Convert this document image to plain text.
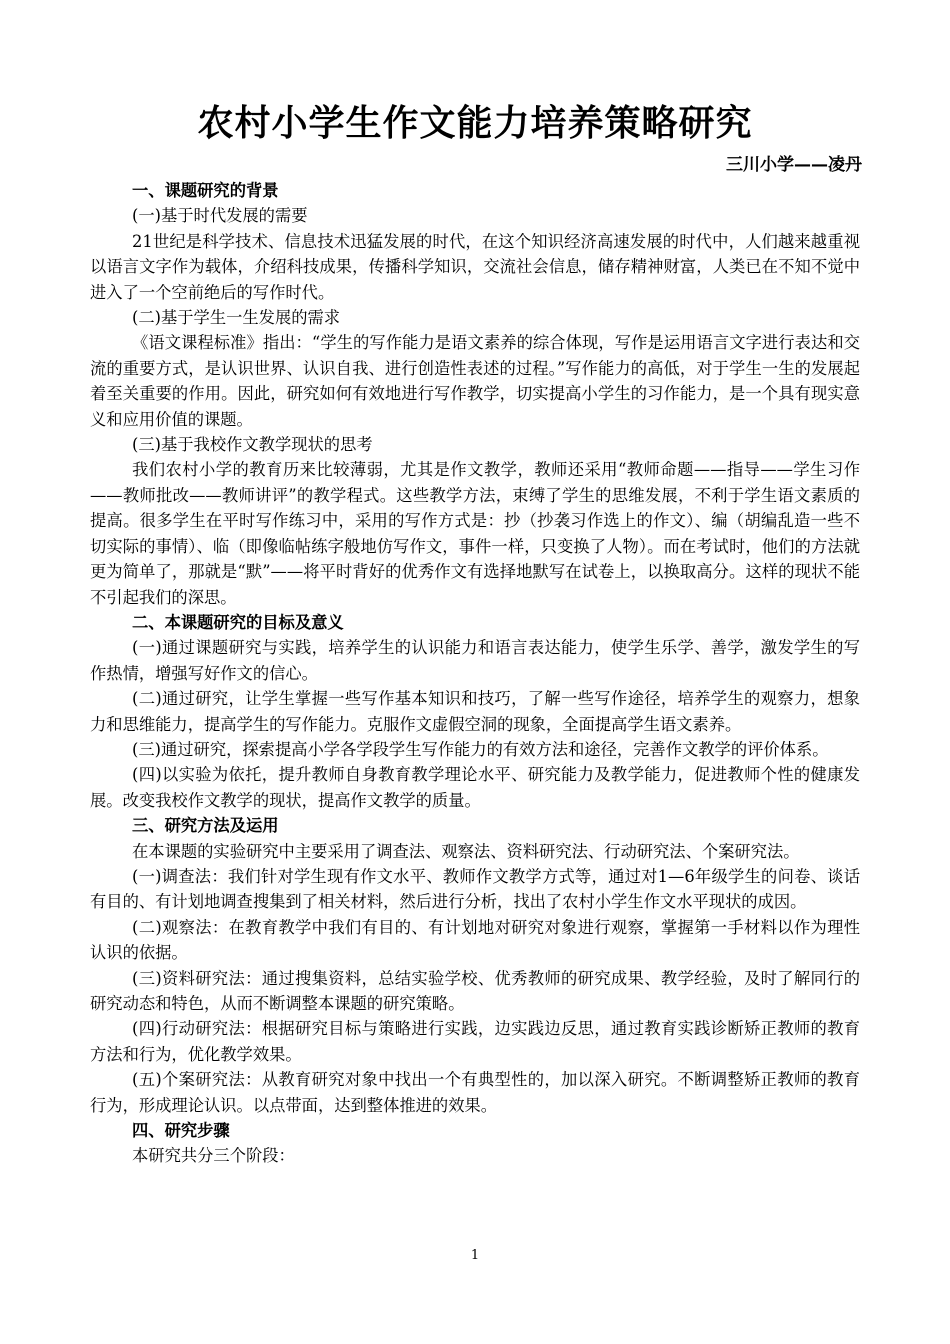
农村小学生作文能力培养策略研究
三川小学——凌丹

一、课题研究的背景

(一)基于时代发展的需要

21世纪是科学技术、信息技术迅猛发展的时代，在这个知识经济高速发展的时代中，人们越来越重视以语言文字作为载体，介绍科技成果，传播科学知识，交流社会信息，储存精神财富，人类已在不知不觉中进入了一个空前绝后的写作时代。

(二)基于学生一生发展的需求

《语文课程标准》指出：“学生的写作能力是语文素养的综合体现，写作是运用语言文字进行表达和交流的重要方式，是认识世界、认识自我、进行创造性表述的过程。”写作能力的高低，对于学生一生的发展起着至关重要的作用。因此，研究如何有效地进行写作教学，切实提高小学生的习作能力，是一个具有现实意义和应用价值的课题。

(三)基于我校作文教学现状的思考

我们农村小学的教育历来比较薄弱，尤其是作文教学，教师还采用“教师命题——指导——学生习作——教师批改——教师讲评”的教学程式。这些教学方法，束缚了学生的思维发展，不利于学生语文素质的提高。很多学生在平时写作练习中，采用的写作方式是：抄（抄袭习作选上的作文）、编（胡编乱造一些不切实际的事情）、临（即像临帖练字般地仿写作文，事件一样，只变换了人物）。而在考试时，他们的方法就更为简单了，那就是“默”——将平时背好的优秀作文有选择地默写在试卷上，以换取高分。这样的现状不能不引起我们的深思。

二、本课题研究的目标及意义

(一)通过课题研究与实践，培养学生的认识能力和语言表达能力，使学生乐学、善学，激发学生的写作热情，增强写好作文的信心。

(二)通过研究，让学生掌握一些写作基本知识和技巧，了解一些写作途径，培养学生的观察力，想象力和思维能力，提高学生的写作能力。克服作文虚假空洞的现象，全面提高学生语文素养。

(三)通过研究，探索提高小学各学段学生写作能力的有效方法和途径，完善作文教学的评价体系。

(四)以实验为依托，提升教师自身教育教学理论水平、研究能力及教学能力，促进教师个性的健康发展。改变我校作文教学的现状，提高作文教学的质量。

三、研究方法及运用

在本课题的实验研究中主要采用了调查法、观察法、资料研究法、行动研究法、个案研究法。

(一)调查法：我们针对学生现有作文水平、教师作文教学方式等，通过对1—6年级学生的问卷、谈话有目的、有计划地调查搜集到了相关材料，然后进行分析，找出了农村小学生作文水平现状的成因。

(二)观察法：在教育教学中我们有目的、有计划地对研究对象进行观察，掌握第一手材料以作为理性认识的依据。

(三)资料研究法：通过搜集资料，总结实验学校、优秀教师的研究成果、教学经验，及时了解同行的研究动态和特色，从而不断调整本课题的研究策略。

(四)行动研究法：根据研究目标与策略进行实践，边实践边反思，通过教育实践诊断矫正教师的教育方法和行为，优化教学效果。

(五)个案研究法：从教育研究对象中找出一个有典型性的，加以深入研究。不断调整矫正教师的教育行为，形成理论认识。以点带面，达到整体推进的效果。

四、研究步骤

本研究共分三个阶段：

1
